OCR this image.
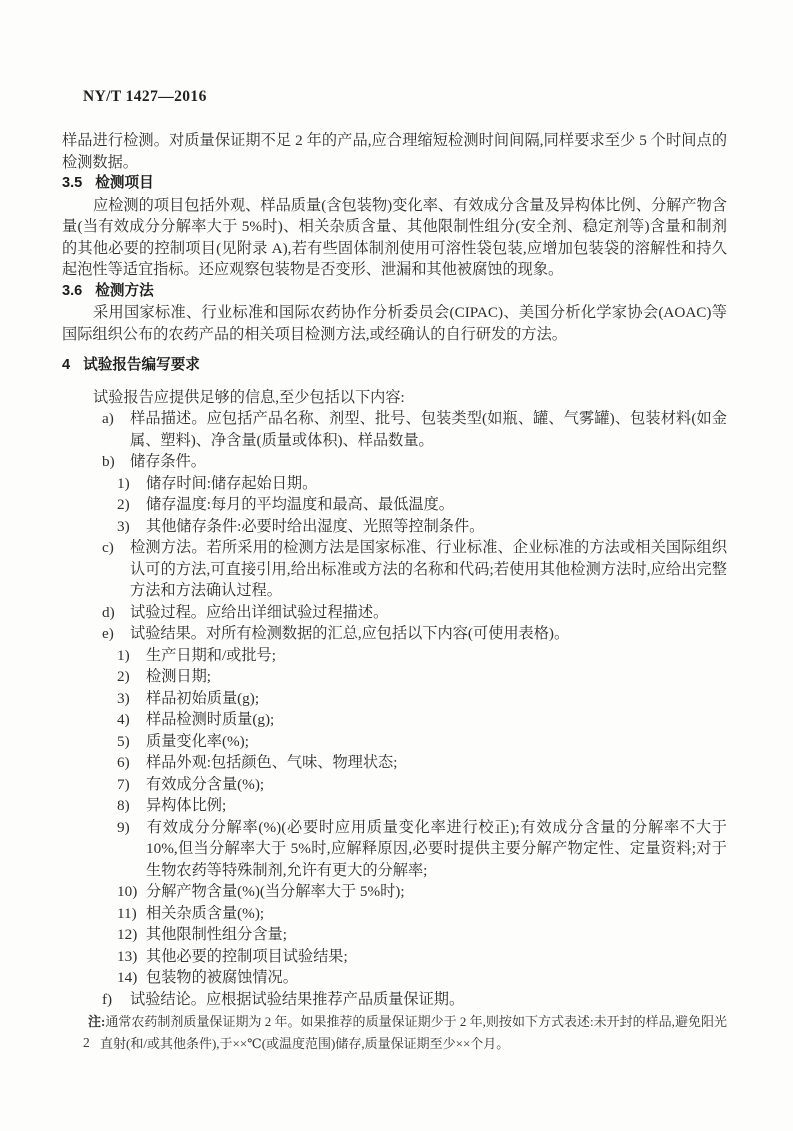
NY/T 1427—2016

样品进行检测。对质量保证期不足 2 年的产品,应合理缩短检测时间间隔,同样要求至少 5 个时间点的检测数据。

3.5 检测项目

应检测的项目包括外观、样品质量(含包装物)变化率、有效成分含量及异构体比例、分解产物含量(当有效成分分解率大于 5%时)、相关杂质含量、其他限制性组分(安全剂、稳定剂等)含量和制剂的其他必要的控制项目(见附录 A),若有些固体制剂使用可溶性袋包装,应增加包装袋的溶解性和持久起泡性等适宜指标。还应观察包装物是否变形、泄漏和其他被腐蚀的现象。

3.6 检测方法

采用国家标准、行业标准和国际农药协作分析委员会(CIPAC)、美国分析化学家协会(AOAC)等国际组织公布的农药产品的相关项目检测方法,或经确认的自行研发的方法。

4 试验报告编写要求

试验报告应提供足够的信息,至少包括以下内容:

a) 样品描述。应包括产品名称、剂型、批号、包装类型(如瓶、罐、气雾罐)、包装材料(如金属、塑料)、净含量(质量或体积)、样品数量。
b) 储存条件。
1) 储存时间:储存起始日期。
2) 储存温度:每月的平均温度和最高、最低温度。
3) 其他储存条件:必要时给出湿度、光照等控制条件。
c) 检测方法。若所采用的检测方法是国家标准、行业标准、企业标准的方法或相关国际组织认可的方法,可直接引用,给出标准或方法的名称和代码;若使用其他检测方法时,应给出完整方法和方法确认过程。
d) 试验过程。应给出详细试验过程描述。
e) 试验结果。对所有检测数据的汇总,应包括以下内容(可使用表格)。
1) 生产日期和/或批号;
2) 检测日期;
3) 样品初始质量(g);
4) 样品检测时质量(g);
5) 质量变化率(%);
6) 样品外观:包括颜色、气味、物理状态;
7) 有效成分含量(%);
8) 异构体比例;
9) 有效成分分解率(%)(必要时应用质量变化率进行校正);有效成分含量的分解率不大于 10%,但当分解率大于 5%时,应解释原因,必要时提供主要分解产物定性、定量资料;对于生物农药等特殊制剂,允许有更大的分解率;
10) 分解产物含量(%)(当分解率大于 5%时);
11) 相关杂质含量(%);
12) 其他限制性组分含量;
13) 其他必要的控制项目试验结果;
14) 包装物的被腐蚀情况。
f) 试验结论。应根据试验结果推荐产品质量保证期。
注:通常农药制剂质量保证期为 2 年。如果推荐的质量保证期少于 2 年,则按如下方式表述:未开封的样品,避免阳光直射(和/或其他条件),于××℃(或温度范围)储存,质量保证期至少××个月。
2
